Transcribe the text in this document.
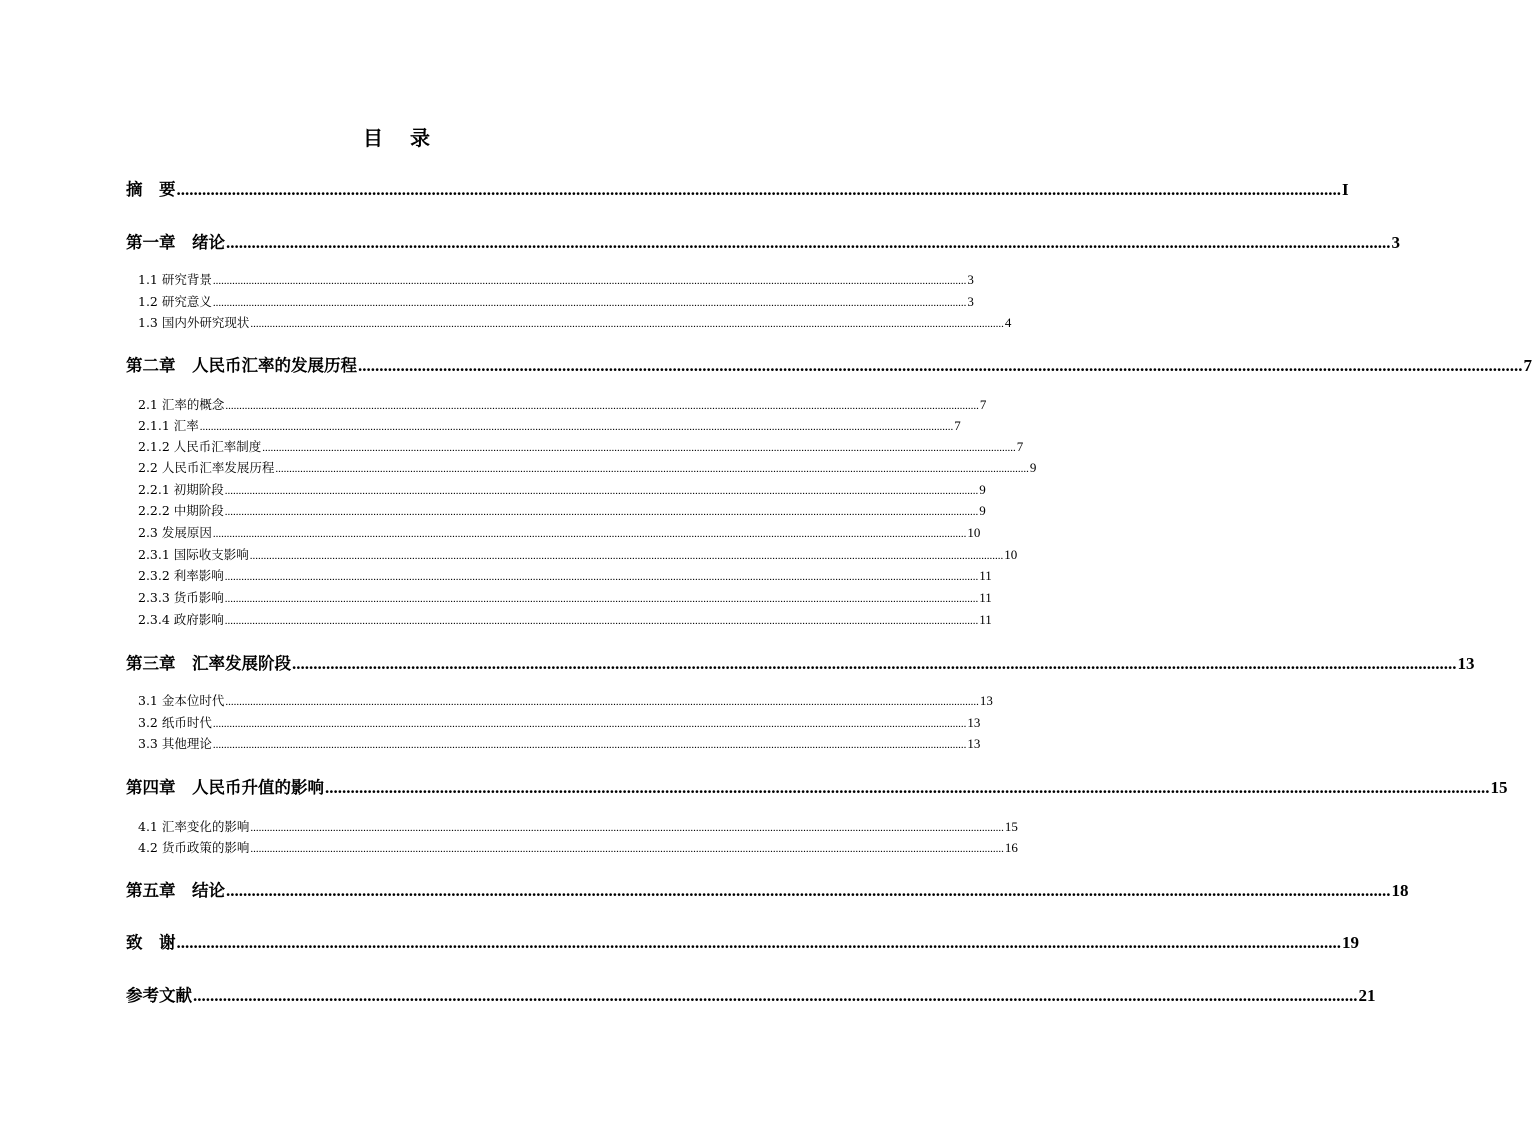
目 录
摘　要 .................................................................................................................................................................................................................................................................................. I
第一章　绪论 .................................................................................................................................................................................................................................................................................. 3
1.1 研究背景 .................................................................................................................................................................................................................................................................................. 3
1.2 研究意义 .................................................................................................................................................................................................................................................................................. 3
1.3 国内外研究现状 .................................................................................................................................................................................................................................................................................. 4
第二章　人民币汇率的发展历程 .................................................................................................................................................................................................................................................................................. 7
2.1 汇率的概念 .................................................................................................................................................................................................................................................................................. 7
2.1.1 汇率 .................................................................................................................................................................................................................................................................................. 7
2.1.2 人民币汇率制度 .................................................................................................................................................................................................................................................................................. 7
2.2 人民币汇率发展历程 .................................................................................................................................................................................................................................................................................. 9
2.2.1 初期阶段 .................................................................................................................................................................................................................................................................................. 9
2.2.2 中期阶段 .................................................................................................................................................................................................................................................................................. 9
2.3 发展原因 .................................................................................................................................................................................................................................................................................. 10
2.3.1 国际收支影响 .................................................................................................................................................................................................................................................................................. 10
2.3.2 利率影响 .................................................................................................................................................................................................................................................................................. 11
2.3.3 货币影响 .................................................................................................................................................................................................................................................................................. 11
2.3.4 政府影响 .................................................................................................................................................................................................................................................................................. 11
第三章　汇率发展阶段 .................................................................................................................................................................................................................................................................................. 13
3.1 金本位时代 .................................................................................................................................................................................................................................................................................. 13
3.2 纸币时代 .................................................................................................................................................................................................................................................................................. 13
3.3 其他理论 .................................................................................................................................................................................................................................................................................. 13
第四章　人民币升值的影响 .................................................................................................................................................................................................................................................................................. 15
4.1 汇率变化的影响 .................................................................................................................................................................................................................................................................................. 15
4.2 货币政策的影响 .................................................................................................................................................................................................................................................................................. 16
第五章　结论 .................................................................................................................................................................................................................................................................................. 18
致　谢 .................................................................................................................................................................................................................................................................................. 19
参考文献 .................................................................................................................................................................................................................................................................................. 21
